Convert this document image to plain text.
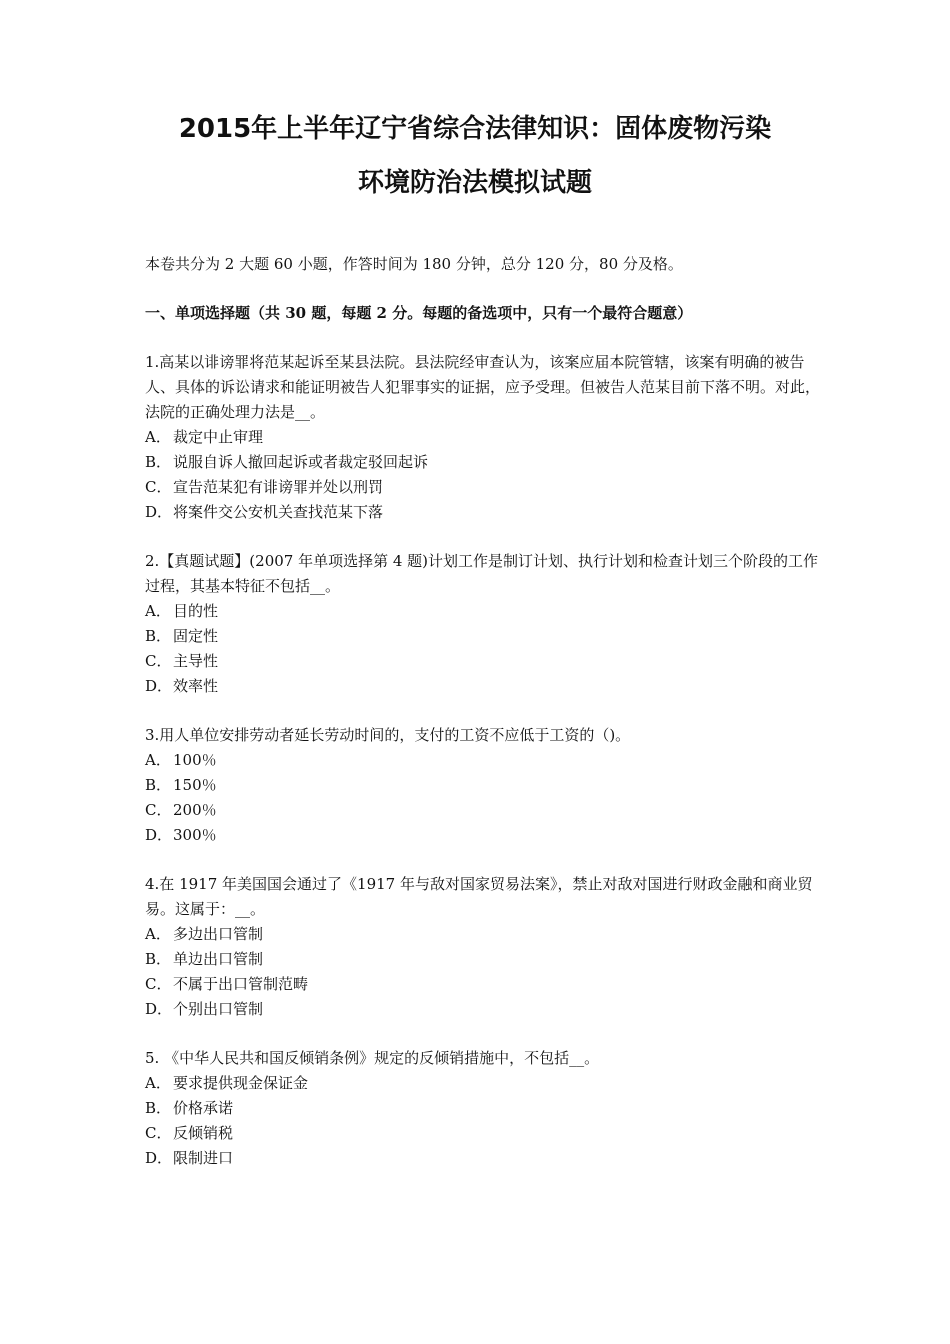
2015年上半年辽宁省综合法律知识：固体废物污染

环境防治法模拟试题

本卷共分为 2 大题 60 小题，作答时间为 180 分钟，总分 120 分，80 分及格。

一、单项选择题（共 30 题，每题 2 分。每题的备选项中，只有一个最符合题意）

1.高某以诽谤罪将范某起诉至某县法院。县法院经审查认为，该案应届本院管辖，该案有明确的被告人、具体的诉讼请求和能证明被告人犯罪事实的证据，应予受理。但被告人范某目前下落不明。对此，法院的正确处理力法是__。

A． 裁定中止审理

B． 说服自诉人撤回起诉或者裁定驳回起诉

C． 宣告范某犯有诽谤罪并处以刑罚

D．将案件交公安机关查找范某下落

2.【真题试题】(2007 年单项选择第 4 题)计划工作是制订计划、执行计划和检查计划三个阶段的工作过程，其基本特征不包括__。

A． 目的性

B． 固定性

C． 主导性

D．效率性

3.用人单位安排劳动者延长劳动时间的，支付的工资不应低于工资的（)。

A． 100％

B． 150％

C． 200％

D．300％

4.在 1917 年美国国会通过了《1917 年与敌对国家贸易法案》，禁止对敌对国进行财政金融和商业贸易。这属于：__。

A． 多边出口管制

B． 单边出口管制

C． 不属于出口管制范畴

D．个别出口管制

5. 《中华人民共和国反倾销条例》规定的反倾销措施中，不包括__。

A． 要求提供现金保证金

B． 价格承诺

C． 反倾销税

D．限制进口
